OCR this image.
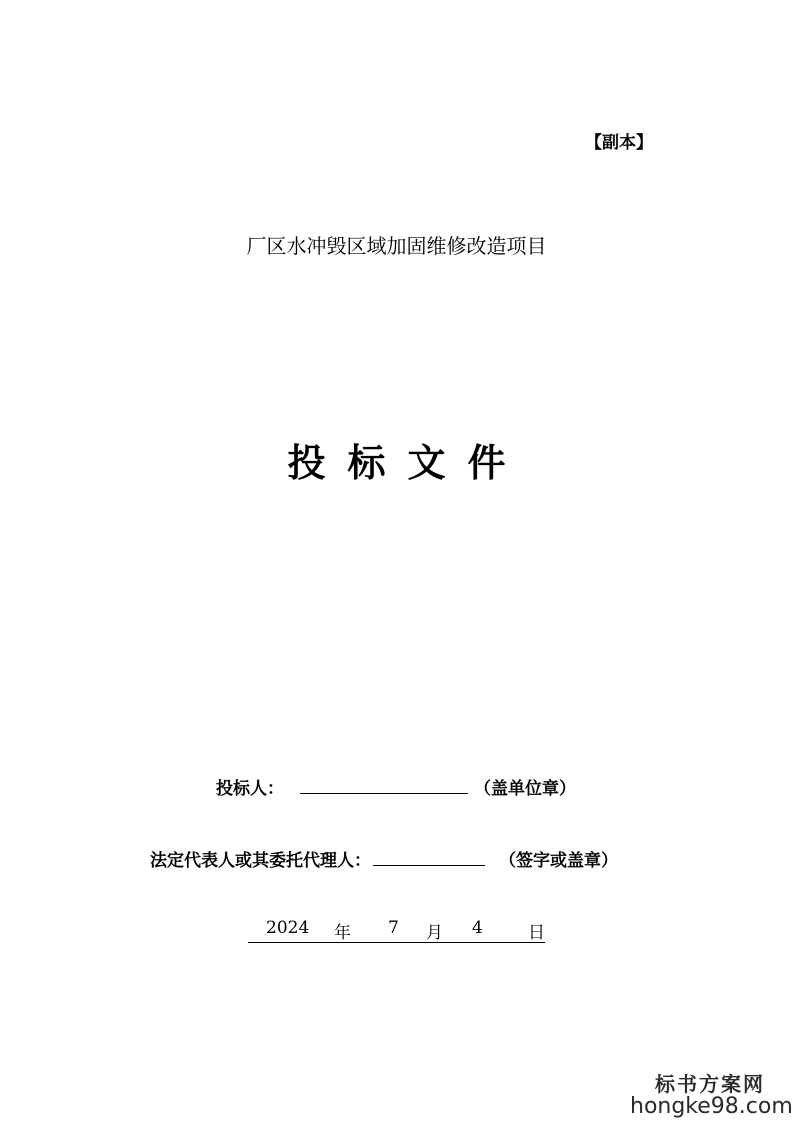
【副本】
厂区水冲毁区域加固维修改造项目
投标文件
投标人：	（盖单位章）
法定代表人或其委托代理人：	（签字或盖章）
2024 年 7 月 4	日
标书方案网
hongke98.com
